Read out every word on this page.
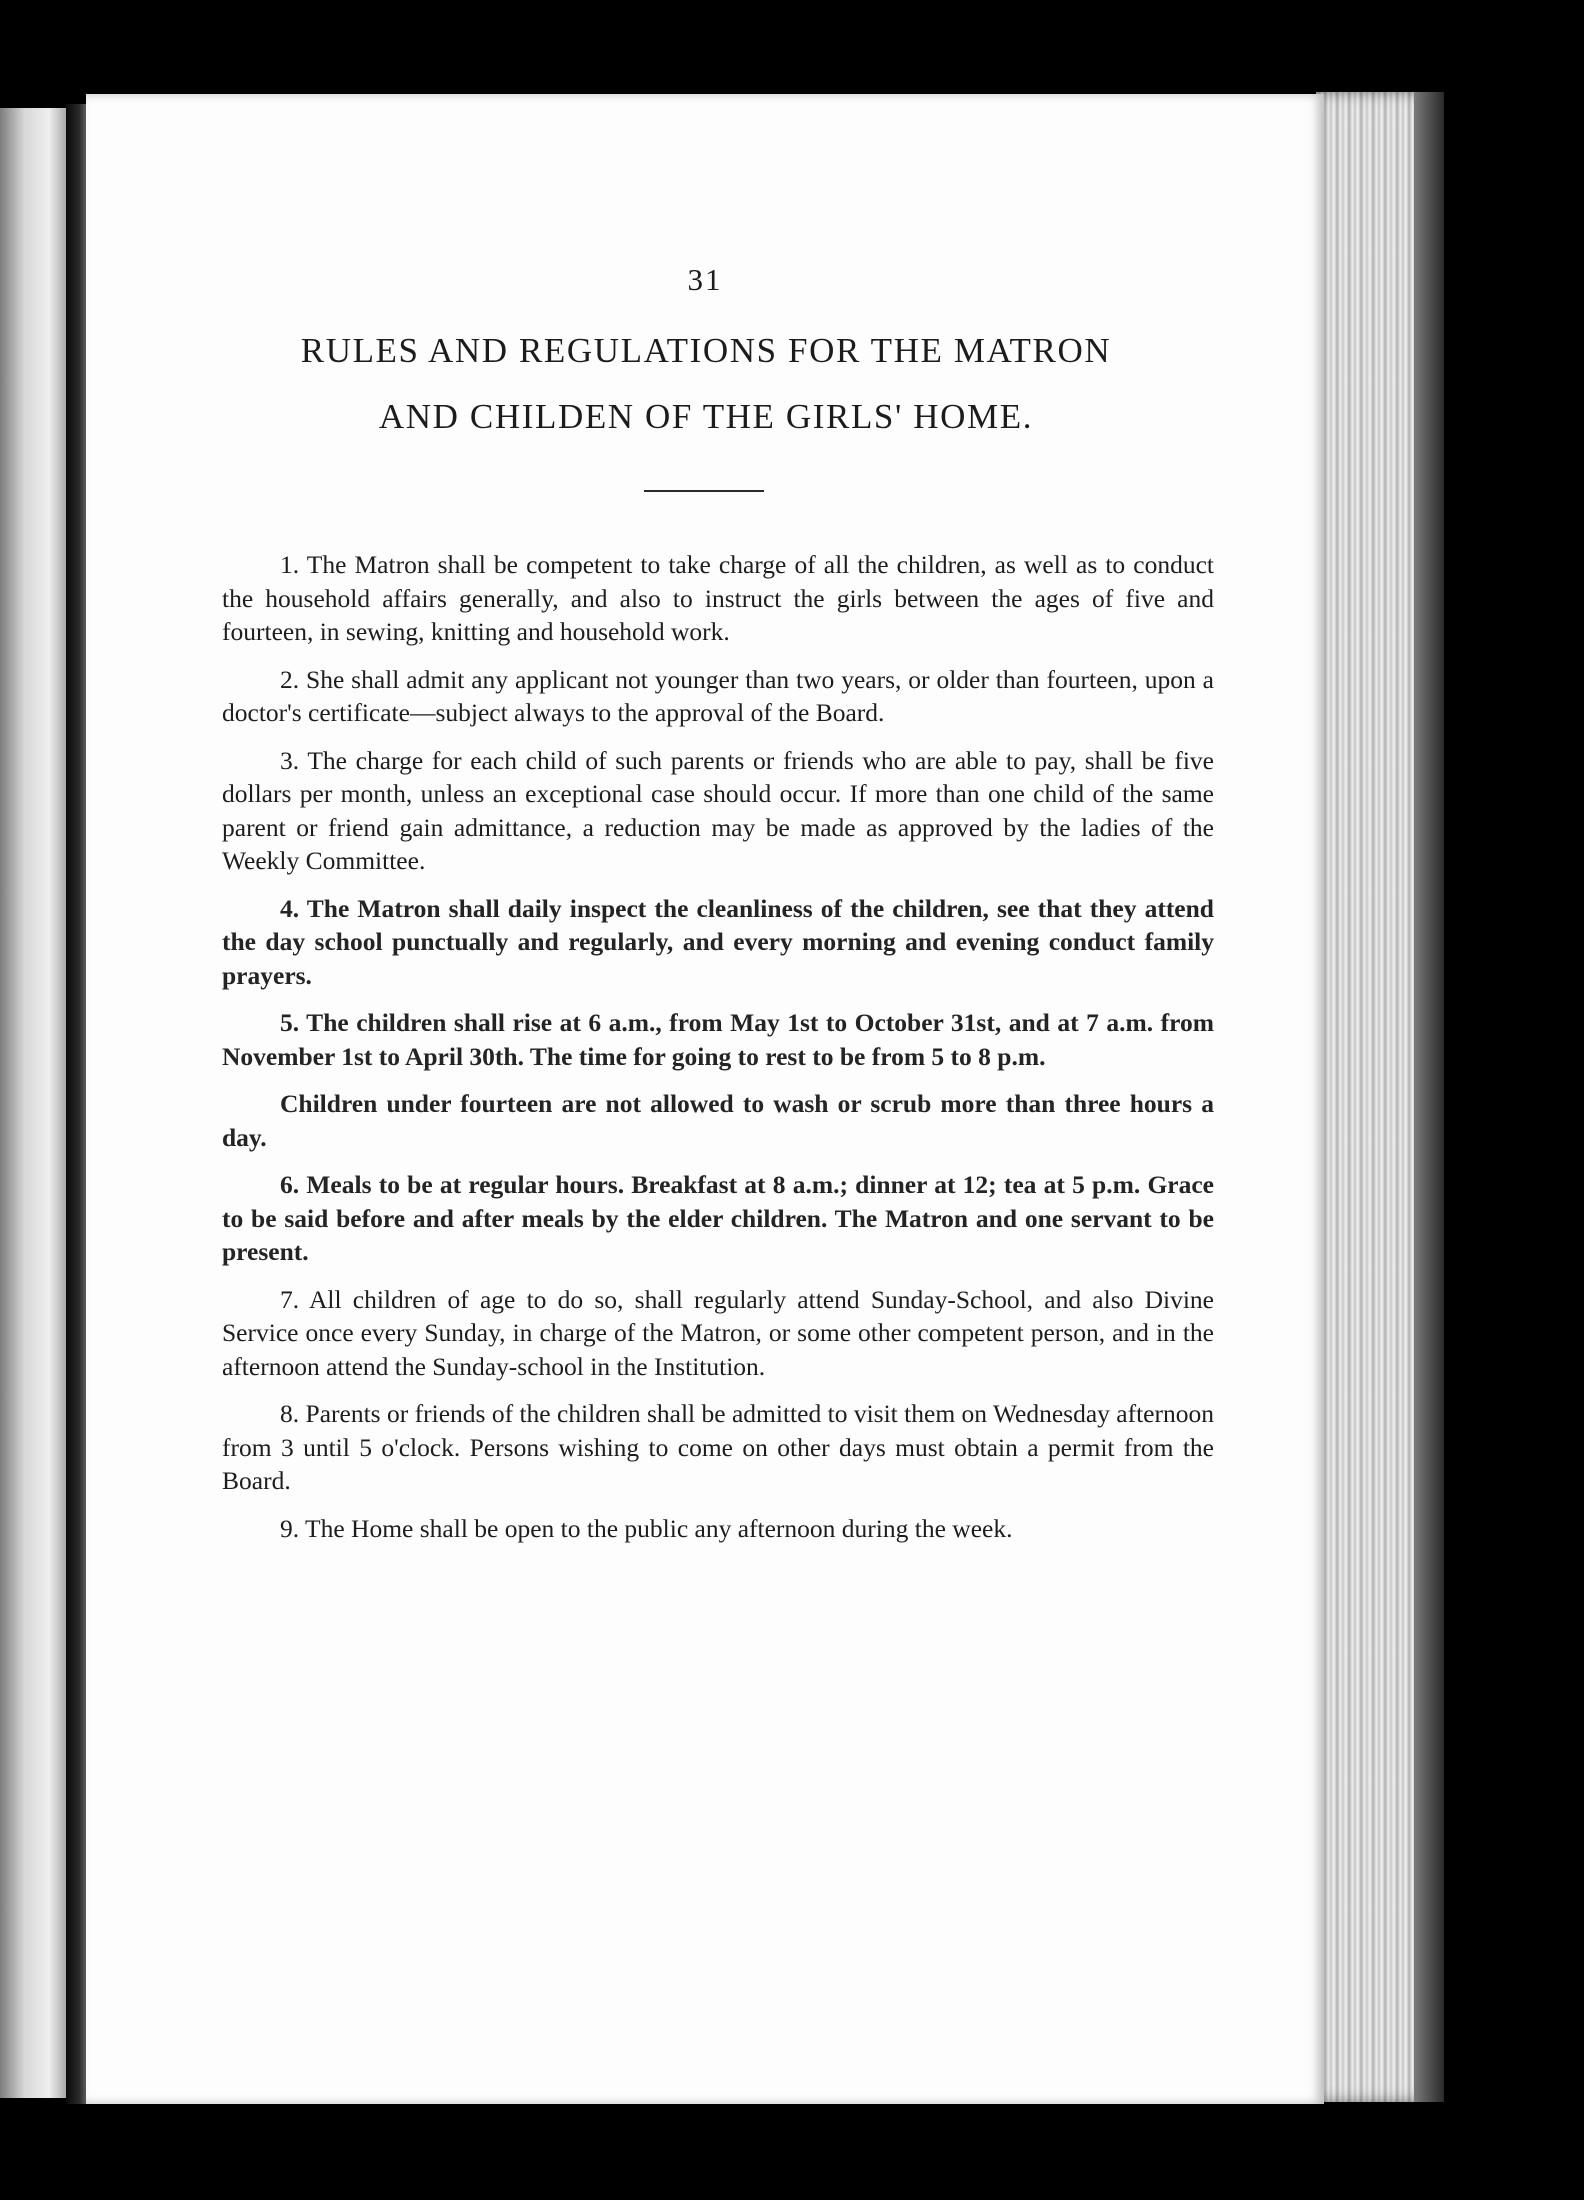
31
RULES AND REGULATIONS FOR THE MATRON
AND CHILDEN OF THE GIRLS' HOME.

1. The Matron shall be competent to take charge of all the children, as well as to conduct the household affairs generally, and also to instruct the girls between the ages of five and fourteen, in sewing, knitting and household work.

2. She shall admit any applicant not younger than two years, or older than fourteen, upon a doctor's certificate—subject always to the approval of the Board.

3. The charge for each child of such parents or friends who are able to pay, shall be five dollars per month, unless an exceptional case should occur. If more than one child of the same parent or friend gain admittance, a reduction may be made as approved by the ladies of the Weekly Committee.

4. The Matron shall daily inspect the cleanliness of the children, see that they attend the day school punctually and regularly, and every morning and evening conduct family prayers.

5. The children shall rise at 6 a.m., from May 1st to October 31st, and at 7 a.m. from November 1st to April 30th. The time for going to rest to be from 5 to 8 p.m.

Children under fourteen are not allowed to wash or scrub more than three hours a day.

6. Meals to be at regular hours. Breakfast at 8 a.m.; dinner at 12; tea at 5 p.m. Grace to be said before and after meals by the elder children. The Matron and one servant to be present.

7. All children of age to do so, shall regularly attend Sunday-School, and also Divine Service once every Sunday, in charge of the Matron, or some other competent person, and in the afternoon attend the Sunday-school in the Institution.

8. Parents or friends of the children shall be admitted to visit them on Wednesday afternoon from 3 until 5 o'clock. Persons wishing to come on other days must obtain a permit from the Board.

9. The Home shall be open to the public any afternoon during the week.
